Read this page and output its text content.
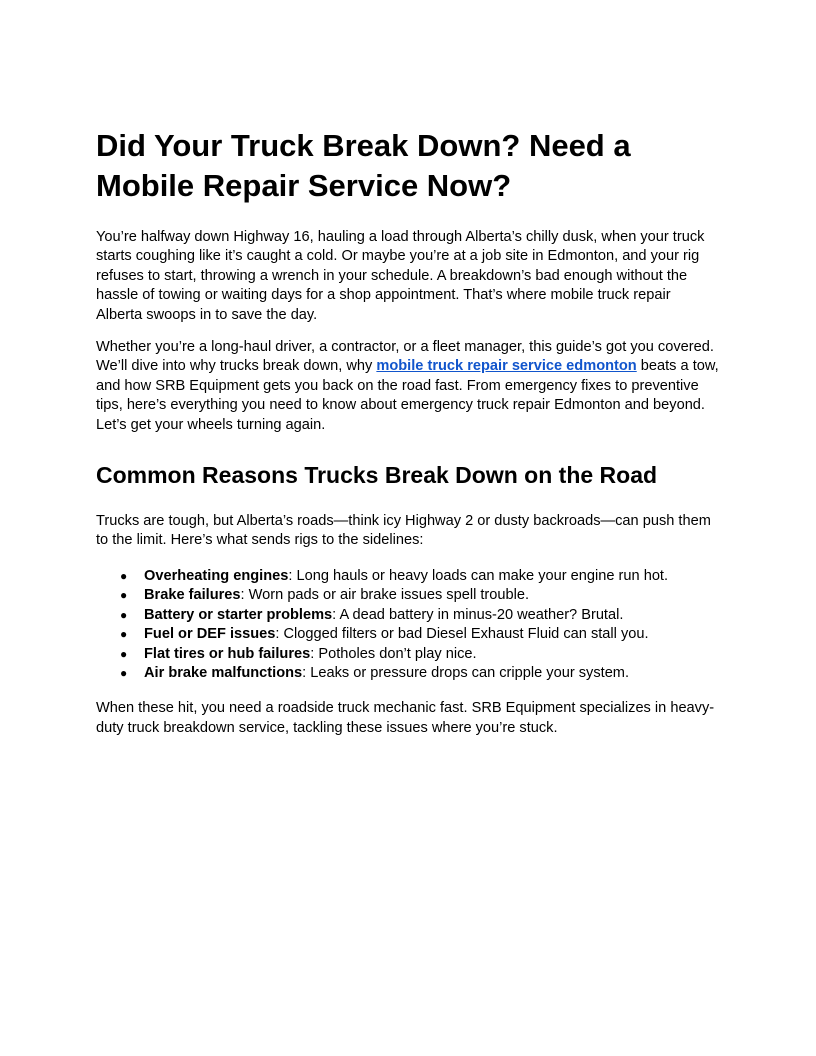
Did Your Truck Break Down? Need a Mobile Repair Service Now?

You’re halfway down Highway 16, hauling a load through Alberta’s chilly dusk, when your truck starts coughing like it’s caught a cold. Or maybe you’re at a job site in Edmonton, and your rig refuses to start, throwing a wrench in your schedule. A breakdown’s bad enough without the hassle of towing or waiting days for a shop appointment. That’s where mobile truck repair Alberta swoops in to save the day.

Whether you’re a long-haul driver, a contractor, or a fleet manager, this guide’s got you covered. We’ll dive into why trucks break down, why mobile truck repair service edmonton beats a tow, and how SRB Equipment gets you back on the road fast. From emergency fixes to preventive tips, here’s everything you need to know about emergency truck repair Edmonton and beyond. Let’s get your wheels turning again.

Common Reasons Trucks Break Down on the Road

Trucks are tough, but Alberta’s roads—think icy Highway 2 or dusty backroads—can push them to the limit. Here’s what sends rigs to the sidelines:

● Overheating engines: Long hauls or heavy loads can make your engine run hot.
● Brake failures: Worn pads or air brake issues spell trouble.
● Battery or starter problems: A dead battery in minus-20 weather? Brutal.
● Fuel or DEF issues: Clogged filters or bad Diesel Exhaust Fluid can stall you.
● Flat tires or hub failures: Potholes don’t play nice.
● Air brake malfunctions: Leaks or pressure drops can cripple your system.

When these hit, you need a roadside truck mechanic fast. SRB Equipment specializes in heavy-duty truck breakdown service, tackling these issues where you’re stuck.
